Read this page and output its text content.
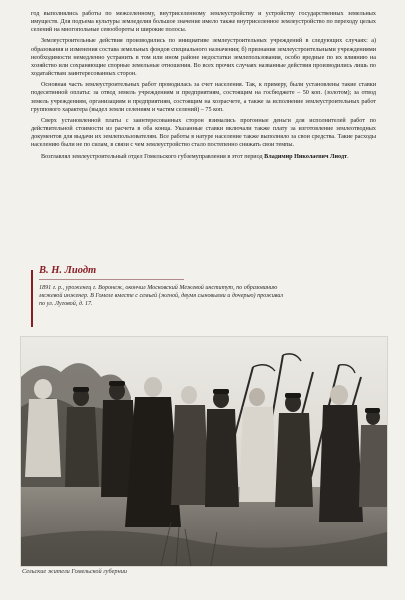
год выполнялись работы по межселенному, внутриселенному землеустройству и устройству государственных земельных имуществ. Для подъема культуры земледелия большое значение имело также внутриселенное землеустройство по переходу целых селений на многопольные севообороты и широкие полосы.

Землеустроительные действия производились по инициативе землеустроительных учреждений в следующих случаях: а) образования и изменения состава земельных фондов специального назначения; б) признания землеустроительными учреждениями необходимости немедленно устранить в том или ином районе недостатки землепользования, особо вредные по их влиянию на хозяйство или сохраняющие спорные земельные отношения. Во всех прочих случаях названные действия производились лишь по ходатайствам заинтересованных сторон.

Основная часть землеустроительных работ проводилась за счет населения. Так, к примеру, были установлены такие ставки подесятинной оплаты: за отвод земель учреждениям и предприятиям, состоящим на госбюджете – 50 коп. (золотом); за отвод земель учреждениям, организациям и предприятиям, состоящим на хозрасчете, а также за исполнение землеустроительных работ группового характера (выдел земли селениям и частям селений) – 75 коп.

Сверх установленной платы с заинтересованных сторон взимались прогонные деньги для исполнителей работ по действительной стоимости из расчета в оба конца. Указанные ставки включали также плату за изготовление землеотводных документов для выдачи их землепользователям. Все работы в натуре население также выполняло за свои средства. Такие расходы населению были не по силам, в связи с чем землеустройство стало постепенно снижать свои темпы.

Возглавлял землеустроительный отдел Гомельского губземуправления в этот период Владимир Николаевич Лиодт.

В. Н. Лиодт
1891 г. р., уроженец г. Воронеж, окончил Московский Межевой институт, по образованию межевой инженер. В Гомеле вместе с семьей (женой, двумя сыновьями и дочерью) проживал по ул. Луговой, д. 17.
Сельские жители Гомельской губернии
